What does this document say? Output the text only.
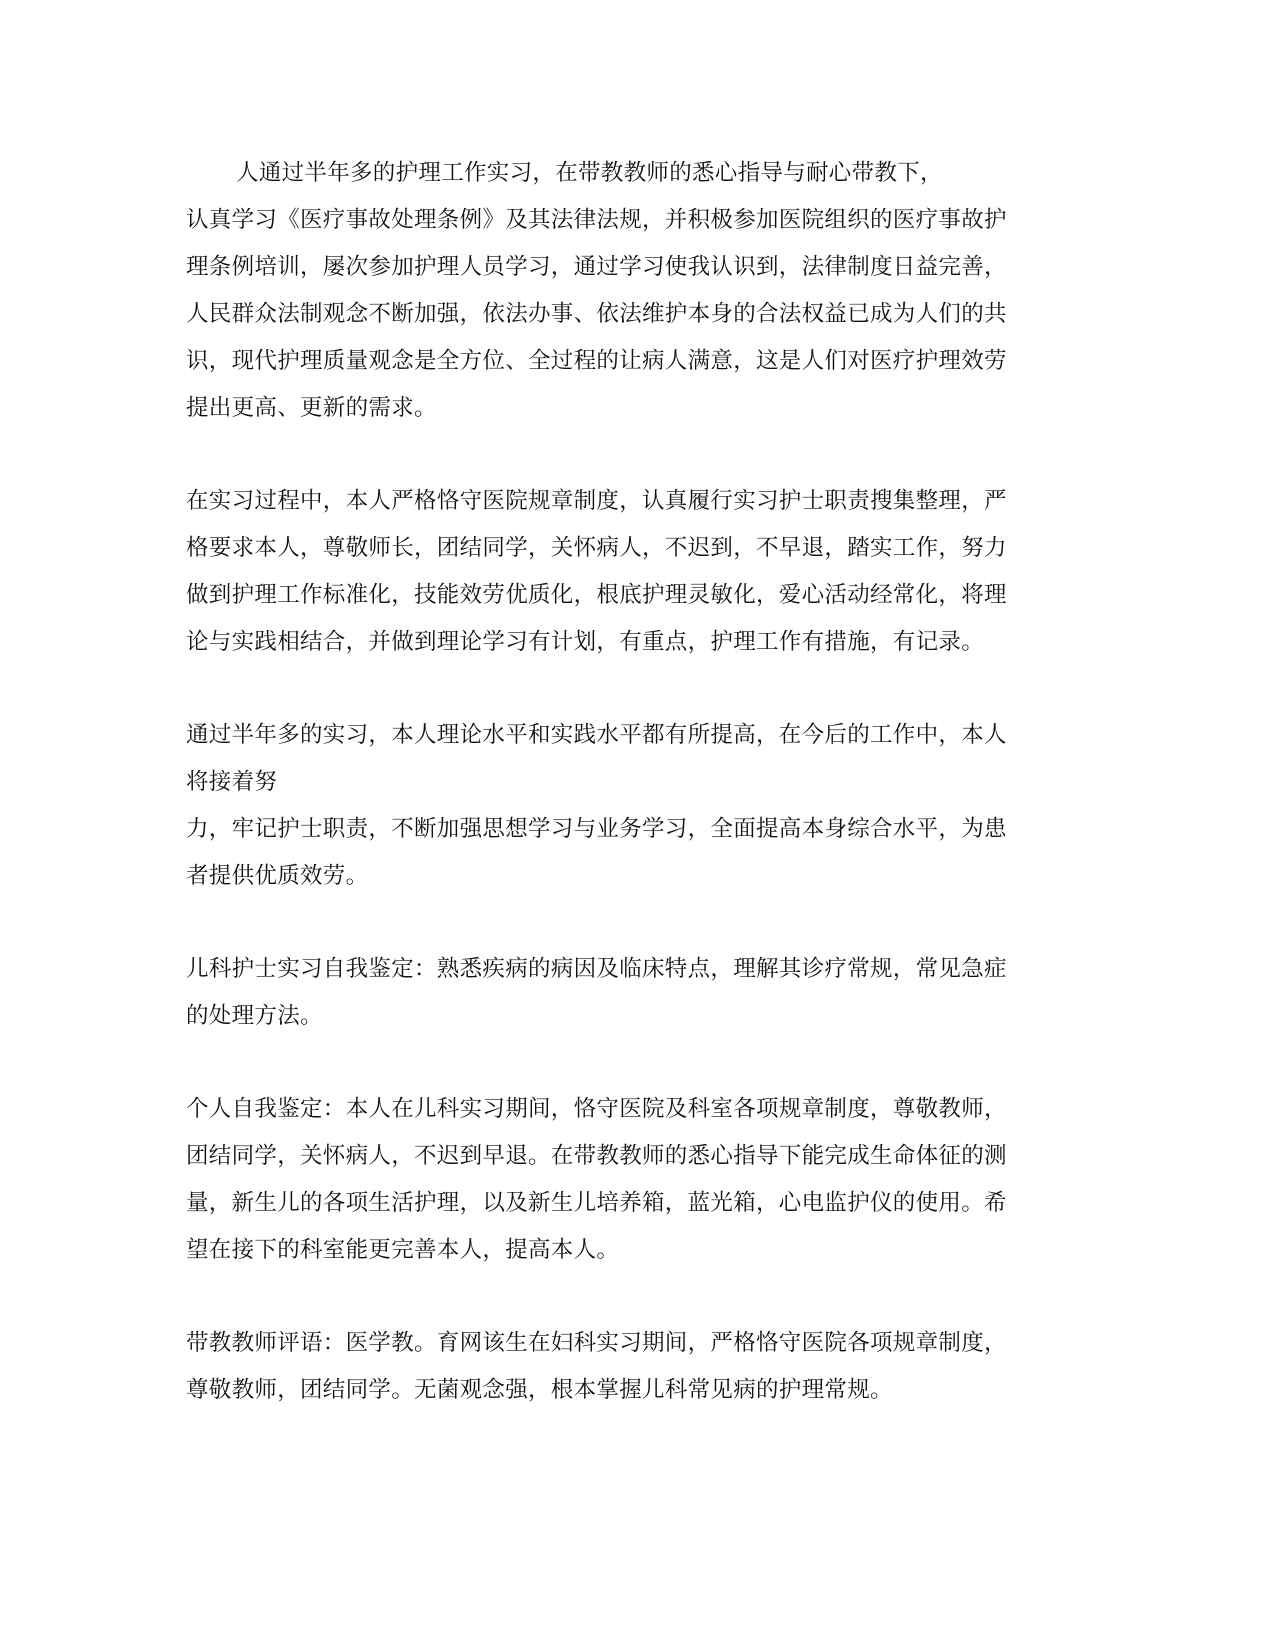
人通过半年多的护理工作实习，在带教教师的悉心指导与耐心带教下，
认真学习《医疗事故处理条例》及其法律法规，并积极参加医院组织的医疗事故护
理条例培训，屡次参加护理人员学习，通过学习使我认识到，法律制度日益完善，
人民群众法制观念不断加强，依法办事、依法维护本身的合法权益已成为人们的共
识，现代护理质量观念是全方位、全过程的让病人满意，这是人们对医疗护理效劳
提出更高、更新的需求。

在实习过程中，本人严格恪守医院规章制度，认真履行实习护士职责搜集整理，严
格要求本人，尊敬师长，团结同学，关怀病人，不迟到，不早退，踏实工作，努力
做到护理工作标准化，技能效劳优质化，根底护理灵敏化，爱心活动经常化，将理
论与实践相结合，并做到理论学习有计划，有重点，护理工作有措施，有记录。

通过半年多的实习，本人理论水平和实践水平都有所提高，在今后的工作中，本人
将接着努
力，牢记护士职责，不断加强思想学习与业务学习，全面提高本身综合水平，为患
者提供优质效劳。

儿科护士实习自我鉴定：熟悉疾病的病因及临床特点，理解其诊疗常规，常见急症
的处理方法。

个人自我鉴定：本人在儿科实习期间，恪守医院及科室各项规章制度，尊敬教师，
团结同学，关怀病人，不迟到早退。在带教教师的悉心指导下能完成生命体征的测
量，新生儿的各项生活护理，以及新生儿培养箱，蓝光箱，心电监护仪的使用。希
望在接下的科室能更完善本人，提高本人。

带教教师评语：医学教。育网该生在妇科实习期间，严格恪守医院各项规章制度，
尊敬教师，团结同学。无菌观念强，根本掌握儿科常见病的护理常规。
